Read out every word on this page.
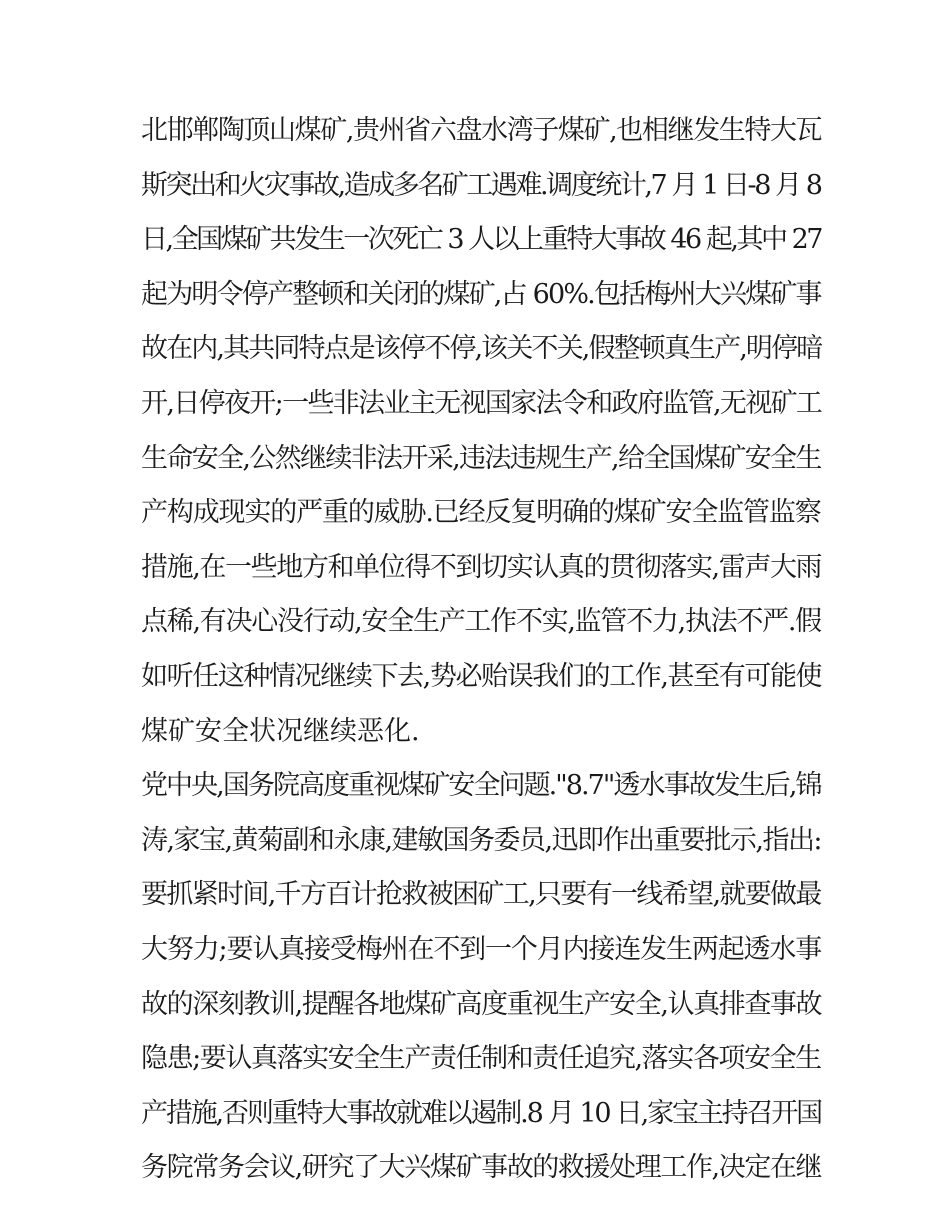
北邯郸陶顶山煤矿,贵州省六盘水湾子煤矿,也相继发生特大瓦
斯突出和火灾事故,造成多名矿工遇难.调度统计,7 月 1 日-8 月 8
日,全国煤矿共发生一次死亡 3 人以上重特大事故 46 起,其中 27
起为明令停产整顿和关闭的煤矿,占 60%.包括梅州大兴煤矿事
故在内,其共同特点是该停不停,该关不关,假整顿真生产,明停暗
开,日停夜开;一些非法业主无视国家法令和政府监管,无视矿工
生命安全,公然继续非法开采,违法违规生产,给全国煤矿安全生
产构成现实的严重的威胁.已经反复明确的煤矿安全监管监察
措施,在一些地方和单位得不到切实认真的贯彻落实,雷声大雨
点稀,有决心没行动,安全生产工作不实,监管不力,执法不严.假
如听任这种情况继续下去,势必贻误我们的工作,甚至有可能使
煤矿安全状况继续恶化.
党中央,国务院高度重视煤矿安全问题."8.7"透水事故发生后,锦
涛,家宝,黄菊副和永康,建敏国务委员,迅即作出重要批示,指出:
要抓紧时间,千方百计抢救被困矿工,只要有一线希望,就要做最
大努力;要认真接受梅州在不到一个月内接连发生两起透水事
故的深刻教训,提醒各地煤矿高度重视生产安全,认真排查事故
隐患;要认真落实安全生产责任制和责任追究,落实各项安全生
产措施,否则重特大事故就难以遏制.8 月 10 日,家宝主持召开国
务院常务会议,研究了大兴煤矿事故的救援处理工作,决定在继
